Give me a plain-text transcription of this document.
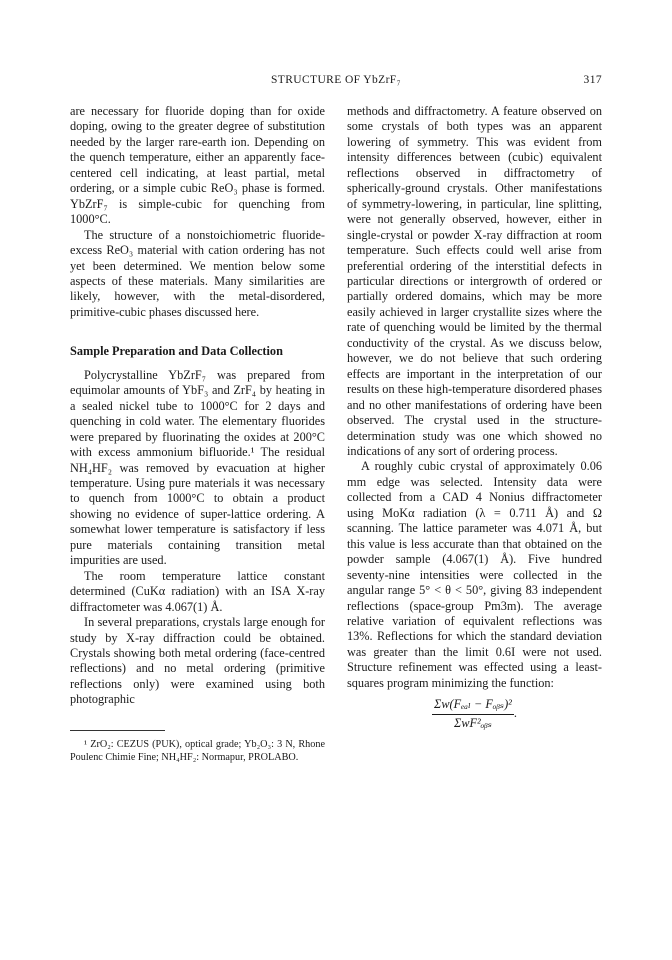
STRUCTURE OF YbZrF₇	317

are necessary for fluoride doping than for oxide doping, owing to the greater degree of substitution needed by the larger rare-earth ion. Depending on the quench temperature, either an apparently face-centered cell indicating, at least partial, metal ordering, or a simple cubic ReO₃ phase is formed. YbZrF₇ is simple-cubic for quenching from 1000°C.

The structure of a nonstoichiometric fluoride-excess ReO₃ material with cation ordering has not yet been determined. We mention below some aspects of these materials. Many similarities are likely, however, with the metal-disordered, primitive-cubic phases discussed here.

Sample Preparation and Data Collection

Polycrystalline YbZrF₇ was prepared from equimolar amounts of YbF₃ and ZrF₄ by heating in a sealed nickel tube to 1000°C for 2 days and quenching in cold water. The elementary fluorides were prepared by fluorinating the oxides at 200°C with excess ammonium bifluoride.¹ The residual NH₄HF₂ was removed by evacuation at higher temperature. Using pure materials it was necessary to quench from 1000°C to obtain a product showing no evidence of super-lattice ordering. A somewhat lower temperature is satisfactory if less pure materials containing transition metal impurities are used.

The room temperature lattice constant determined (CuKα radiation) with an ISA X-ray diffractometer was 4.067(1) Å.

In several preparations, crystals large enough for study by X-ray diffraction could be obtained. Crystals showing both metal ordering (face-centred reflections) and no metal ordering (primitive reflections only) were examined using both photographic

¹ ZrO₂: CEZUS (PUK), optical grade; Yb₂O₃: 3 N, Rhone Poulenc Chimie Fine; NH₄HF₂: Normapur, PROLABO.

methods and diffractometry. A feature observed on some crystals of both types was an apparent lowering of symmetry. This was evident from intensity differences between (cubic) equivalent reflections observed in diffractometry of spherically-ground crystals. Other manifestations of symmetry-lowering, in particular, line splitting, were not generally observed, however, either in single-crystal or powder X-ray diffraction at room temperature. Such effects could well arise from preferential ordering of the interstitial defects in particular directions or intergrowth of ordered or partially ordered domains, which may be more easily achieved in larger crystallite sizes where the rate of quenching would be limited by the thermal conductivity of the crystal. As we discuss below, however, we do not believe that such ordering effects are important in the interpretation of our results on these high-temperature disordered phases and no other manifestations of ordering have been observed. The crystal used in the structure-determination study was one which showed no indications of any sort of ordering process.

A roughly cubic crystal of approximately 0.06 mm edge was selected. Intensity data were collected from a CAD 4 Nonius diffractometer using MoKα radiation (λ = 0.711 Å) and Ω scanning. The lattice parameter was 4.071 Å, but this value is less accurate than that obtained on the powder sample (4.067(1) Å). Five hundred seventy-nine intensities were collected in the angular range 5° < θ < 50°, giving 83 independent reflections (space-group Pm3m). The average relative variation of equivalent reflections was 13%. Reflections for which the standard deviation was greater than the limit 0.6I were not used. Structure refinement was effected using a least-squares program minimizing the function:

$\frac{\text{Σw(Fₑₐₗ − Fₒᵦₛ)²}}{\text{ΣwF²ₒᵦₛ}}$ .
